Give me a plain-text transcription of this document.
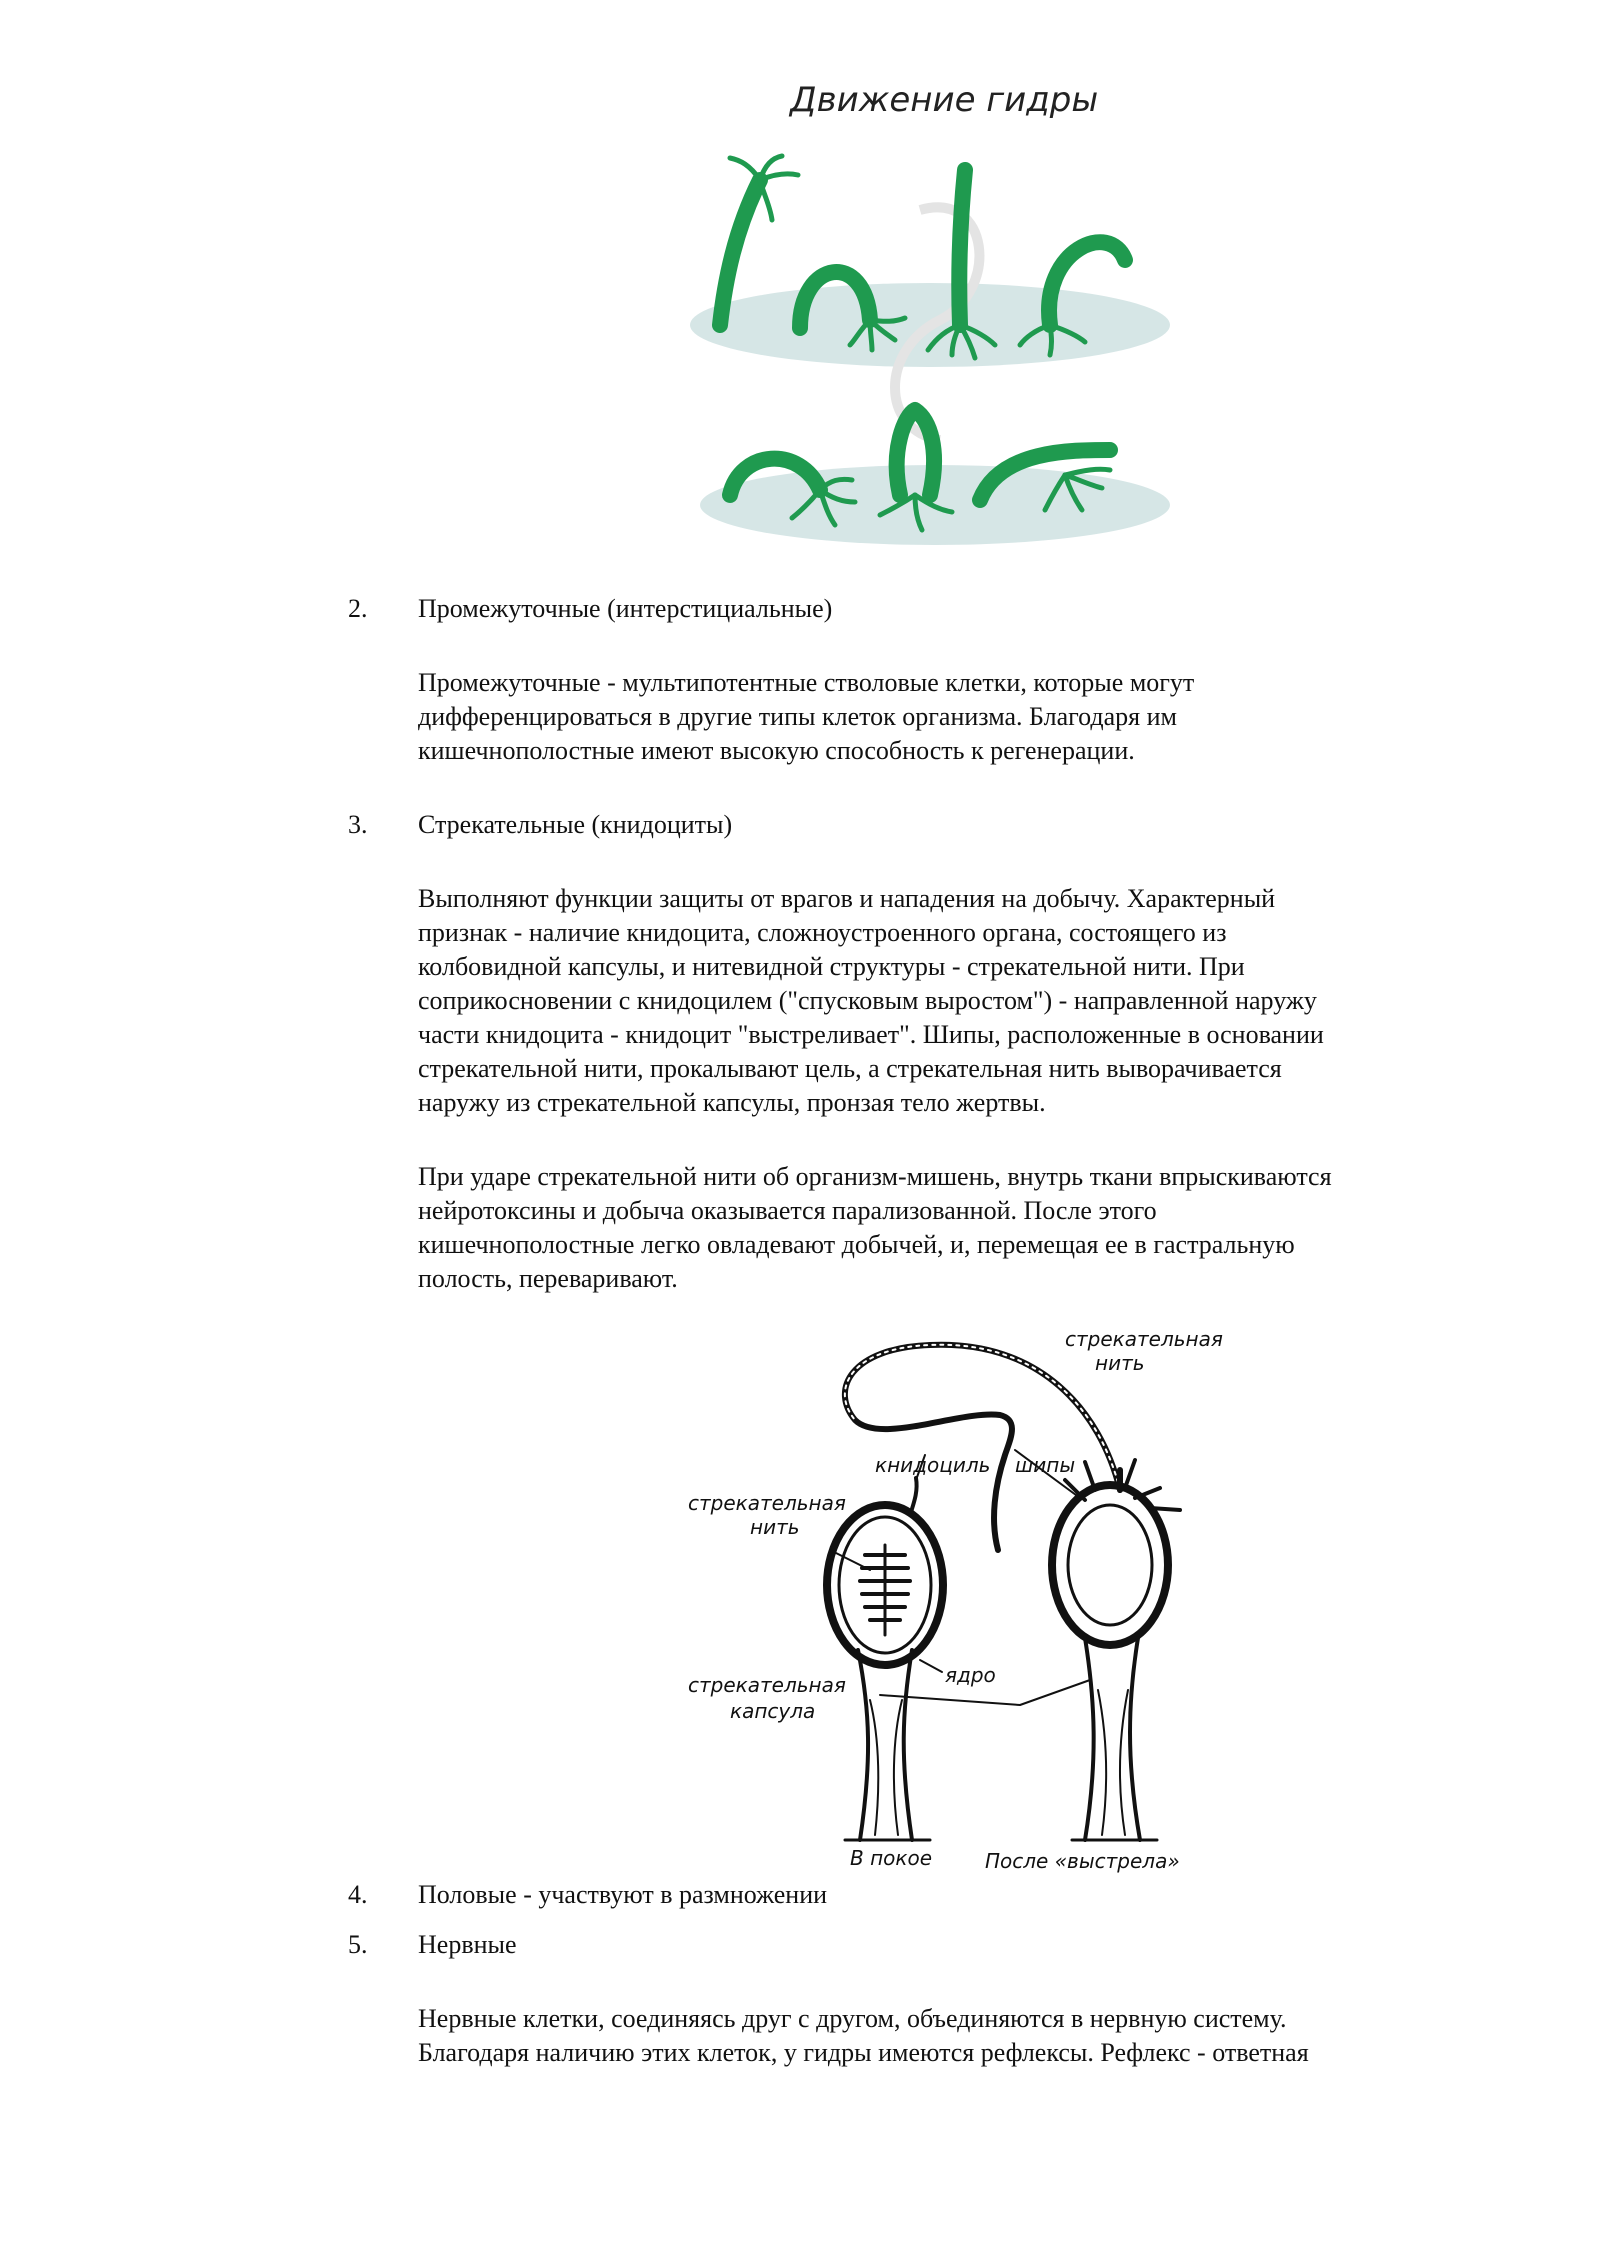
Движение гидры
2. Промежуточные (интерстициальные)

Промежуточные - мультипотентные стволовые клетки, которые могут

дифференцироваться в другие типы клеток организма. Благодаря им

кишечнополостные имеют высокую способность к регенерации.

3. Стрекательные (книдоциты)

Выполняют функции защиты от врагов и нападения на добычу. Характерный

признак - наличие книдоцита, сложноустроенного органа, состоящего из

колбовидной капсулы, и нитевидной структуры - стрекательной нити. При

соприкосновении с книдоцилем ("спусковым выростом") - направленной наружу

части книдоцита - книдоцит "выстреливает". Шипы, расположенные в основании

стрекательной нити, прокалывают цель, а стрекательная нить выворачивается

наружу из стрекательной капсулы, пронзая тело жертвы.

При ударе стрекательной нити об организм-мишень, внутрь ткани впрыскиваются

нейротоксины и добыча оказывается парализованной. После этого

кишечнополостные легко овладевают добычей, и, перемещая ее в гастральную

полость, переваривают.

стрекательная
нить
книдоциль шипы
стрекательная
нить
ядро
стрекательная
капсула
В покое	После «выстрела»
4. Половые - участвуют в размножении
5. Нервные

Нервные клетки, соединяясь друг с другом, объединяются в нервную систему.

Благодаря наличию этих клеток, у гидры имеются рефлексы. Рефлекс - ответная
